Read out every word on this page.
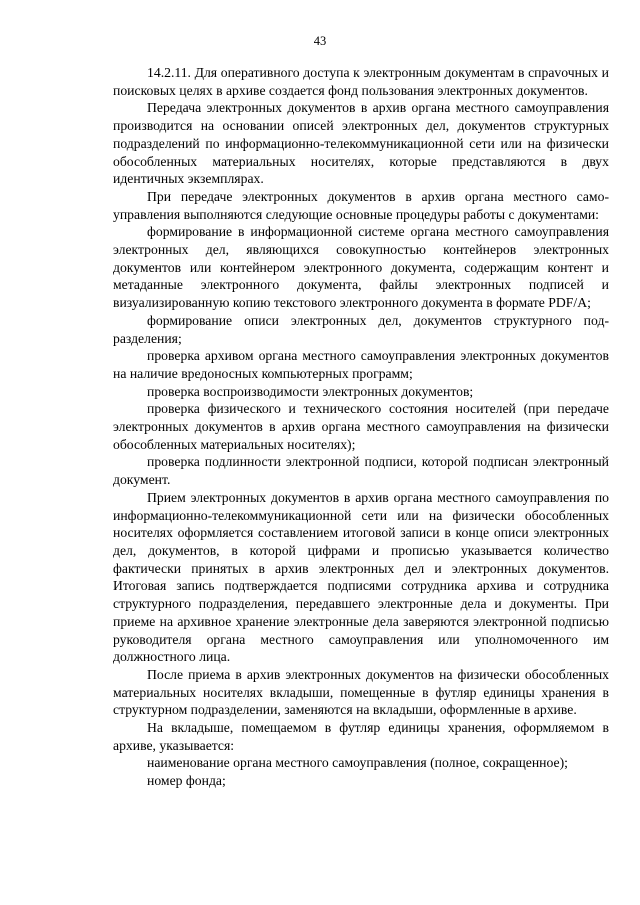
43

14.2.11. Для оперативного доступа к электронным документам в спраvочных и поисковых целях в архиве создается фонд пользования электронных документов.

Передача электронных документов в архив органа местного самоуправления производится на основании описей электронных дел, документов структурных подразделений по информационно-телекоммуникационной сети или на физически обособленных материальных носителях, которые представляются в двух идентичных экземплярах.

При передаче электронных документов в архив органа местного самоуправления выполняются следующие основные процедуры работы с документами:

формирование в информационной системе органа местного самоуправления электронных дел, являющихся совокупностью контейнеров электронных документов или контейнером электронного документа, содержащим контент и метаданные электронного документа, файлы электронных подписей и визуализированную копию текстового электронного документа в формате PDF/A;

формирование описи электронных дел, документов структурного подразделения;

проверка архивом органа местного самоуправления электронных документов на наличие вредоносных компьютерных программ;

проверка воспроизводимости электронных документов;

проверка физического и технического состояния носителей (при передаче электронных документов в архив органа местного самоуправления на физически обособленных материальных носителях);

проверка подлинности электронной подписи, которой подписан электронный документ.

Прием электронных документов в архив органа местного самоуправления по информационно-телекоммуникационной сети или на физически обособленных носителях оформляется составлением итоговой записи в конце описи электронных дел, документов, в которой цифрами и прописью указывается количество фактически принятых в архив электронных дел и электронных документов. Итоговая запись подтверждается подписями сотрудника архива и сотрудника структурного подразделения, передавшего электронные дела и документы. При приеме на архивное хранение электронные дела заверяются электронной подписью руководителя органа местного самоуправления или уполномоченного им должностного лица.

После приема в архив электронных документов на физически обособленных материальных носителях вкладыши, помещенные в футляр единицы хранения в структурном подразделении, заменяются на вкладыши, оформленные в архиве.

На вкладыше, помещаемом в футляр единицы хранения, оформляемом в архиве, указывается:

наименование органа местного самоуправления (полное, сокращенное);

номер фонда;
